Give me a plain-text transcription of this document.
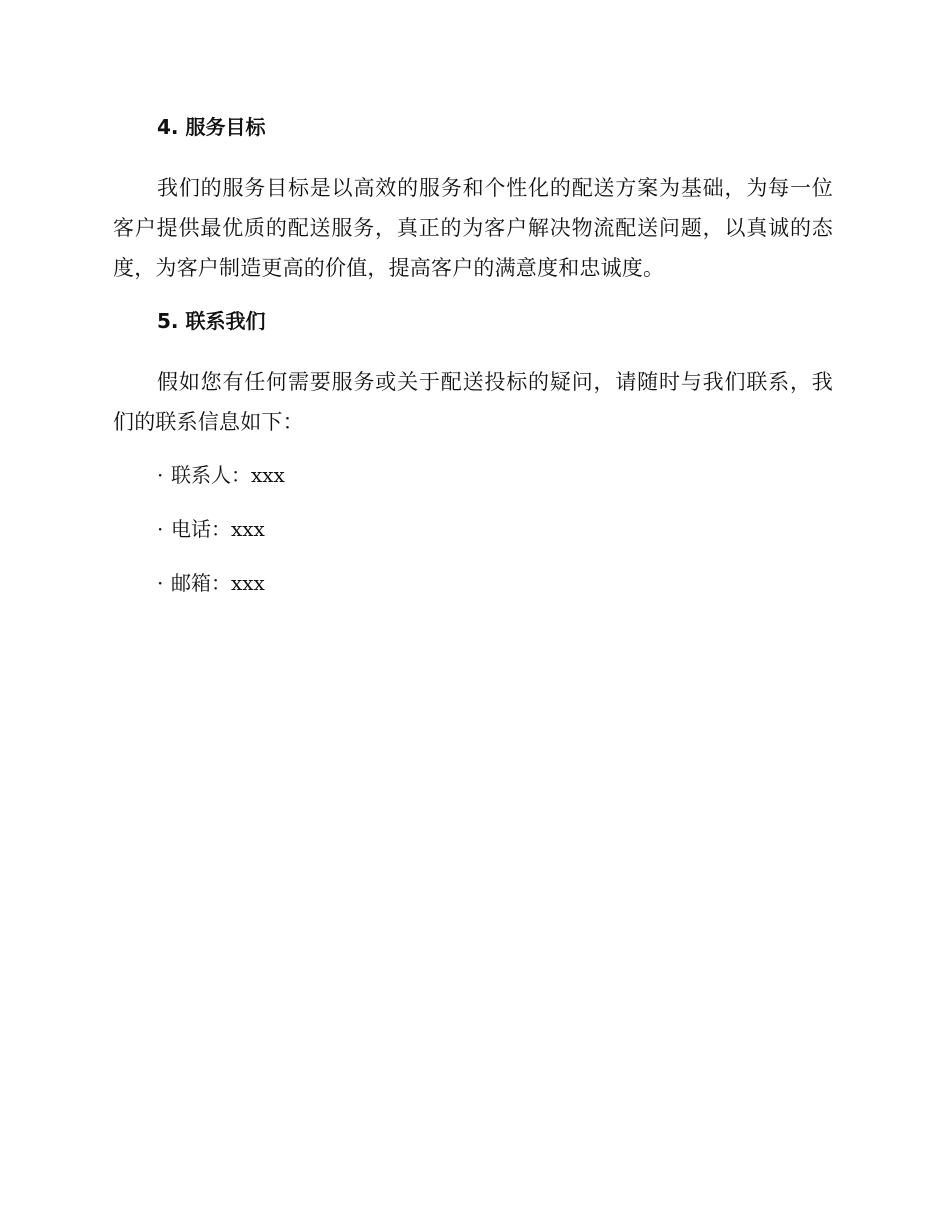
4. 服务目标

我们的服务目标是以高效的服务和个性化的配送方案为基础，为每一位客户提供最优质的配送服务，真正的为客户解决物流配送问题，以真诚的态度，为客户制造更高的价值，提高客户的满意度和忠诚度。

5. 联系我们

假如您有任何需要服务或关于配送投标的疑问，请随时与我们联系，我们的联系信息如下：

· 联系人：xxx
· 电话：xxx
· 邮箱：xxx
